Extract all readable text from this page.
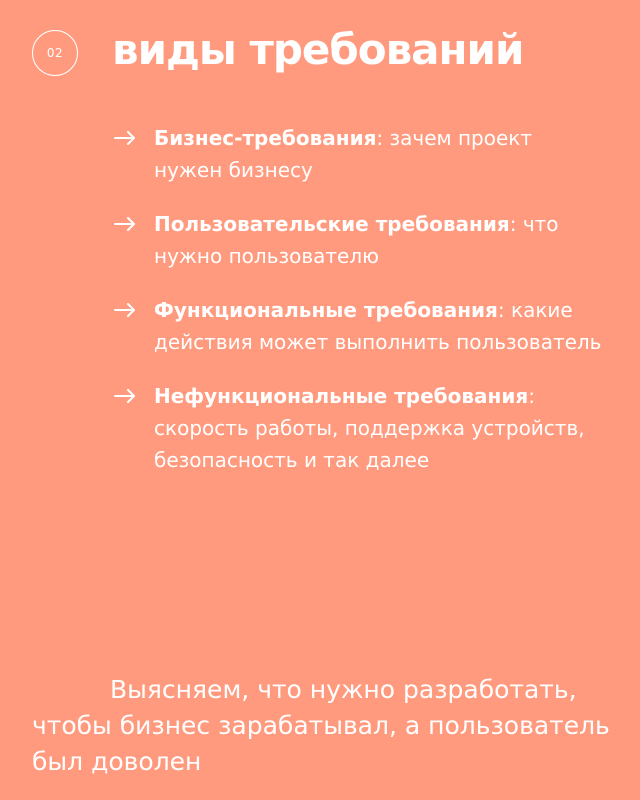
02 виды требований
Бизнес-требования: зачем проект нужен бизнесу
Пользовательские требования: что нужно пользователю
Функциональные требования: какие действия может выполнить пользователь
Нефункциональные требования: скорость работы, поддержка устройств, безопасность и так далее
Выясняем, что нужно разработать, чтобы бизнес зарабатывал, а пользователь был доволен
